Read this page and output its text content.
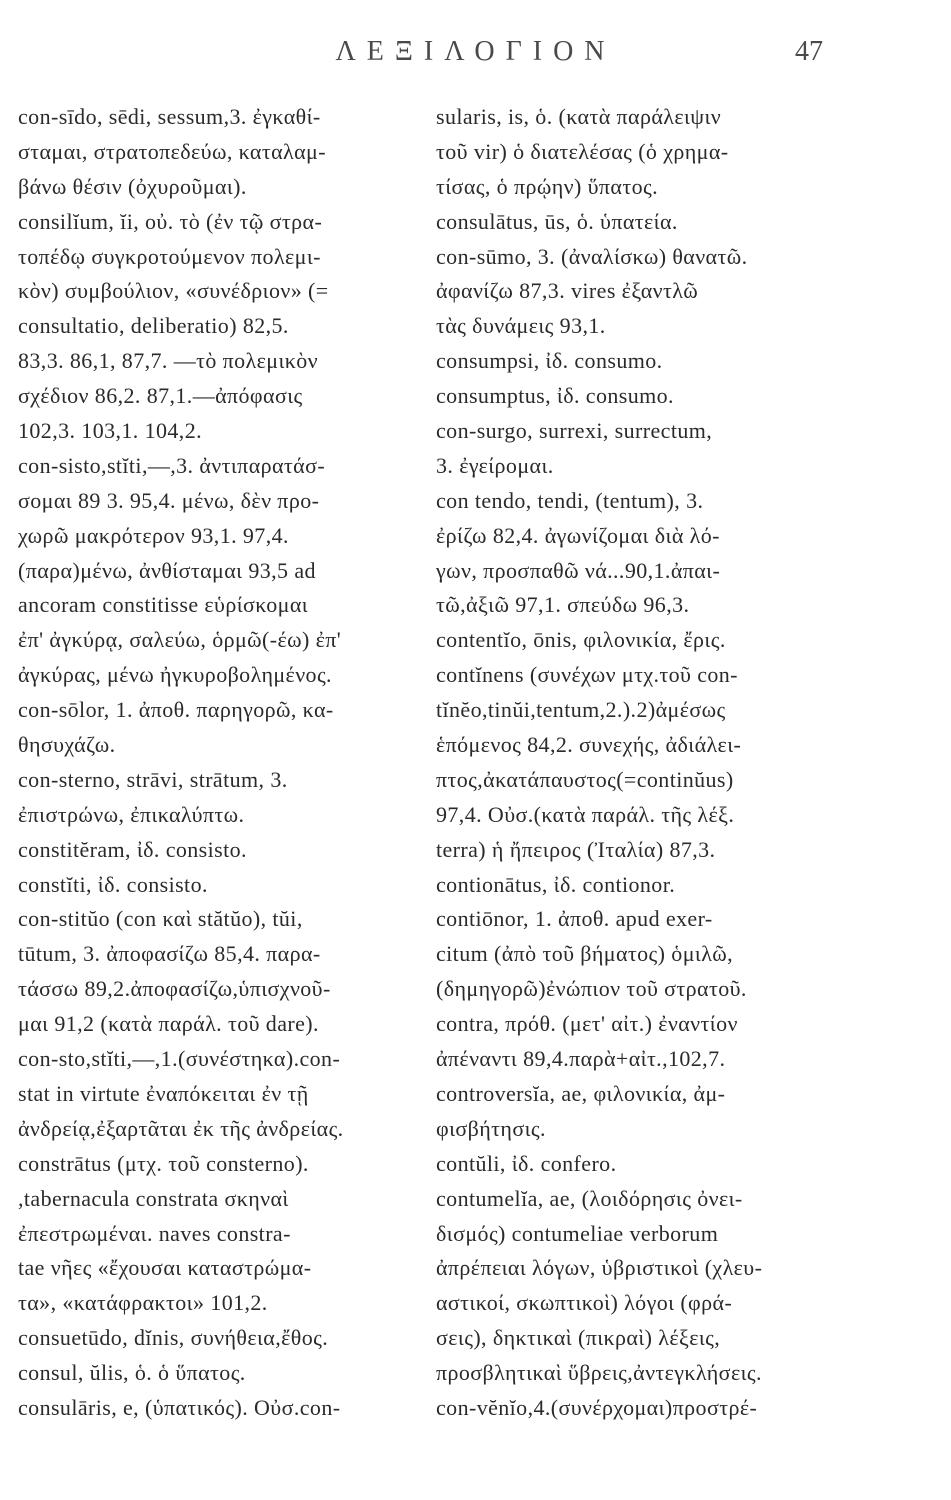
ΛΕΞΙΛΟΓΙΟΝ	47
con-sīdo, sēdi, sessum,3. ἐγκαθί-
σταμαι, στρατοπεδεύω, καταλαμ-
βάνω θέσιν (ὀχυροῦμαι).
consilĭum, ĭi, οὐ. τὸ (ἐν τῷ στρα-
τοπέδῳ συγκροτούμενον πολεμι-
κὸν) συμβούλιον, «συνέδριον» (=
consultatio, deliberatio) 82,5.
83,3. 86,1, 87,7. —τὸ πολεμικὸν
σχέδιον 86,2. 87,1.—ἀπόφασις
102,3. 103,1. 104,2.
con-sisto,stĭti,—,3. ἀντιπαρατάσ-
σομαι 89 3. 95,4. μένω, δὲν προ-
χωρῶ μακρότερον 93,1. 97,4.
(παρα)μένω, ἀνθίσταμαι 93,5 ad
ancoram constitisse εὑρίσκομαι
ἐπ' ἀγκύρᾳ, σαλεύω, ὁρμῶ(-έω) ἐπ'
ἀγκύρας, μένω ἠγκυροβολημένος.
con-sōlor, 1. ἀποθ. παρηγορῶ, κα-
θησυχάζω.
con-sterno, strāvi, strātum, 3.
ἐπιστρώνω, ἐπικαλύπτω.
constitĕram, ἰδ. consisto.
constĭti, ἰδ. consisto.
con-stitŭo (con καὶ stătŭo), tŭi,
tūtum, 3. ἀποφασίζω 85,4. παρα-
τάσσω 89,2.ἀποφασίζω,ὑπισχνοῦ-
μαι 91,2 (κατὰ παράλ. τοῦ dare).
con-sto,stĭti,—,1.(συνέστηκα).con-
stat in virtute ἐναπόκειται ἐν τῇ
ἀνδρείᾳ,ἐξαρτᾶται ἐκ τῆς ἀνδρείας.
constrātus (μτχ. τοῦ consterno).
,tabernacula constrata σκηναὶ
ἐπεστρωμέναι. naves constra-
tae νῆες «ἔχουσαι καταστρώμα-
τα», «κατάφρακτοι» 101,2.
consuetūdo, dĭnis, συνήθεια,ἔθος.
consul, ŭlis, ὁ. ὁ ὕπατος.
consulāris, e, (ὑπατικός). Οὐσ.con-
sularis, is, ὁ. (κατὰ παράλειψιν
τοῦ vir) ὁ διατελέσας (ὁ χρημα-
τίσας, ὁ πρῴην) ὕπατος.
consulātus, ūs, ὁ. ὑπατεία.
con-sūmo, 3. (ἀναλίσκω) θανατῶ.
ἀφανίζω 87,3. vires ἐξαντλῶ
τὰς δυνάμεις 93,1.
consumpsi, ἰδ. consumo.
consumptus, ἰδ. consumo.
con-surgo, surrexi, surrectum,
3. ἐγείρομαι.
con tendo, tendi, (tentum), 3.
ἐρίζω 82,4. ἀγωνίζομαι διὰ λό-
γων, προσπαθῶ νά...90,1.ἀπαι-
τῶ,ἀξιῶ 97,1. σπεύδω 96,3.
contentĭo, ōnis, φιλονικία, ἔρις.
contĭnens (συνέχων μτχ.τοῦ con-
tĭnĕo,tinŭi,tentum,2.).2)ἀμέσως
ἑπόμενος 84,2. συνεχής, ἀδιάλει-
πτος,ἀκατάπαυστος(=continŭus)
97,4. Οὐσ.(κατὰ παράλ. τῆς λέξ.
terra) ἡ ἤπειρος (Ἰταλία) 87,3.
contionātus, ἰδ. contionor.
contiōnor, 1. ἀποθ. apud exer-
citum (ἀπὸ τοῦ βήματος) ὁμιλῶ,
(δημηγορῶ)ἐνώπιον τοῦ στρατοῦ.
contra, πρόθ. (μετ' αἰτ.) ἐναντίον
ἀπέναντι 89,4.παρὰ+αἰτ.,102,7.
controversĭa, ae, φιλονικία, ἀμ-
φισβήτησις.
contŭli, ἰδ. confero.
contumelĭa, ae, (λοιδόρησις ὀνει-
δισμός) contumeliae verborum
ἀπρέπειαι λόγων, ὑβριστικοὶ (χλευ-
αστικοί, σκωπτικοὶ) λόγοι (φρά-
σεις), δηκτικαὶ (πικραὶ) λέξεις,
προσβλητικαὶ ὕβρεις,ἀντεγκλήσεις.
con-vĕnĭo,4.(συνέρχομαι)προστρέ-
